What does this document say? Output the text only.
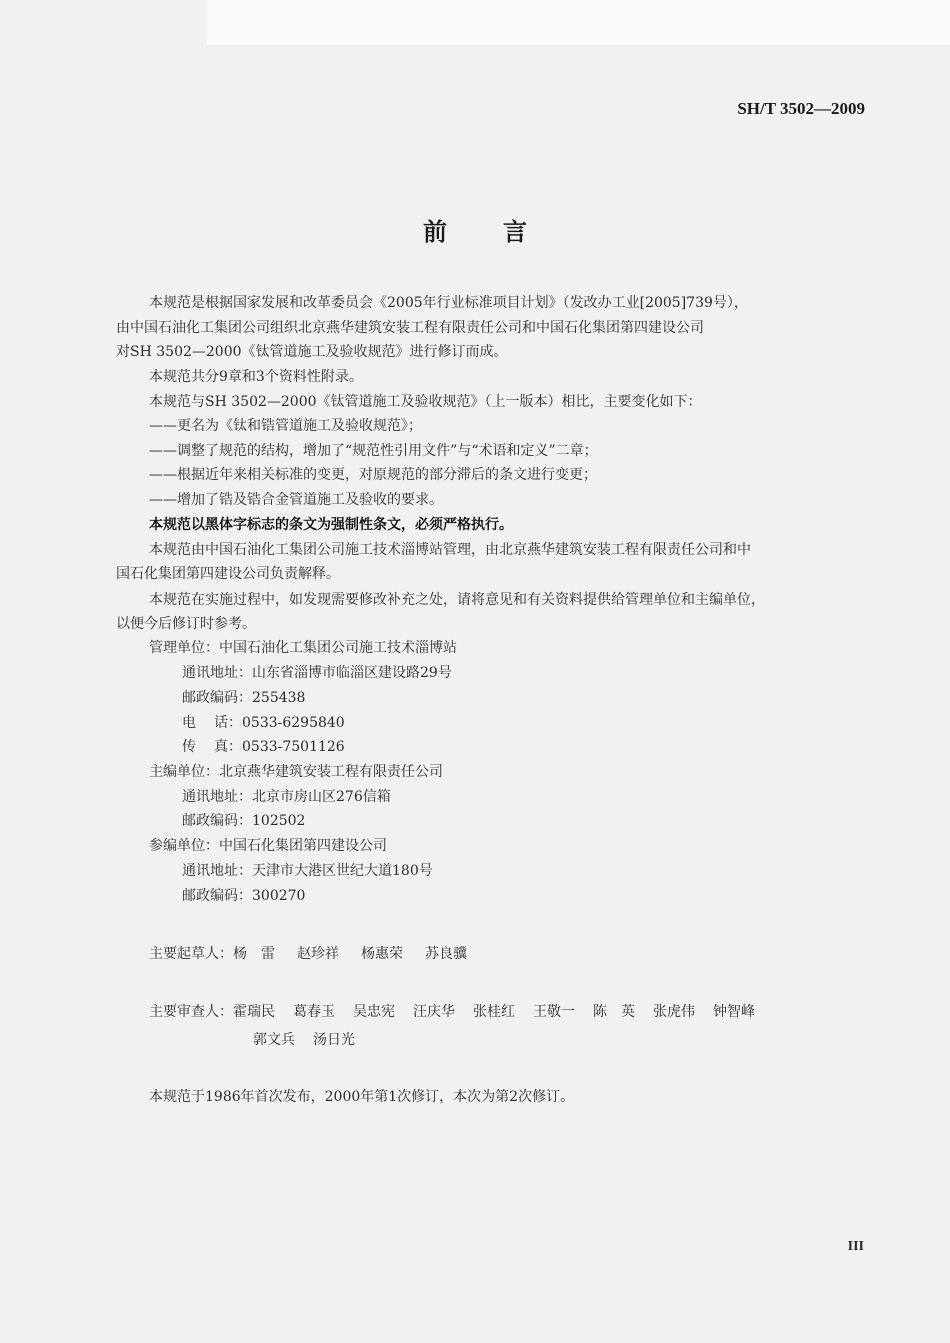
SH/T 3502—2009
前言
本规范是根据国家发展和改革委员会《2005年行业标准项目计划》（发改办工业[2005]739号），
由中国石油化工集团公司组织北京燕华建筑安装工程有限责任公司和中国石化集团第四建设公司
对SH 3502—2000《钛管道施工及验收规范》进行修订而成。
本规范共分9章和3个资料性附录。
本规范与SH 3502—2000《钛管道施工及验收规范》（上一版本）相比，主要变化如下：
——更名为《钛和锆管道施工及验收规范》；
——调整了规范的结构，增加了“规范性引用文件”与“术语和定义”二章；
——根据近年来相关标准的变更，对原规范的部分滞后的条文进行变更；
——增加了锆及锆合金管道施工及验收的要求。
本规范以黑体字标志的条文为强制性条文，必须严格执行。
本规范由中国石油化工集团公司施工技术淄博站管理，由北京燕华建筑安装工程有限责任公司和中
国石化集团第四建设公司负责解释。
本规范在实施过程中，如发现需要修改补充之处，请将意见和有关资料提供给管理单位和主编单位，
以便今后修订时参考。
管理单位：中国石油化工集团公司施工技术淄博站
通讯地址：山东省淄博市临淄区建设路29号
邮政编码：255438
电 话：0533-6295840
传 真：0533-7501126
主编单位：北京燕华建筑安装工程有限责任公司
通讯地址：北京市房山区276信箱
邮政编码：102502
参编单位：中国石化集团第四建设公司
通讯地址：天津市大港区世纪大道180号
邮政编码：300270
主要起草人：杨　雷 赵珍祥 杨惠荣 苏良骥
主要审查人：霍瑞民 葛春玉 吴忠宪 汪庆华 张桂红 王敬一 陈　英 张虎伟 钟智峰
郭文兵 汤日光
本规范于1986年首次发布，2000年第1次修订，本次为第2次修订。
III
